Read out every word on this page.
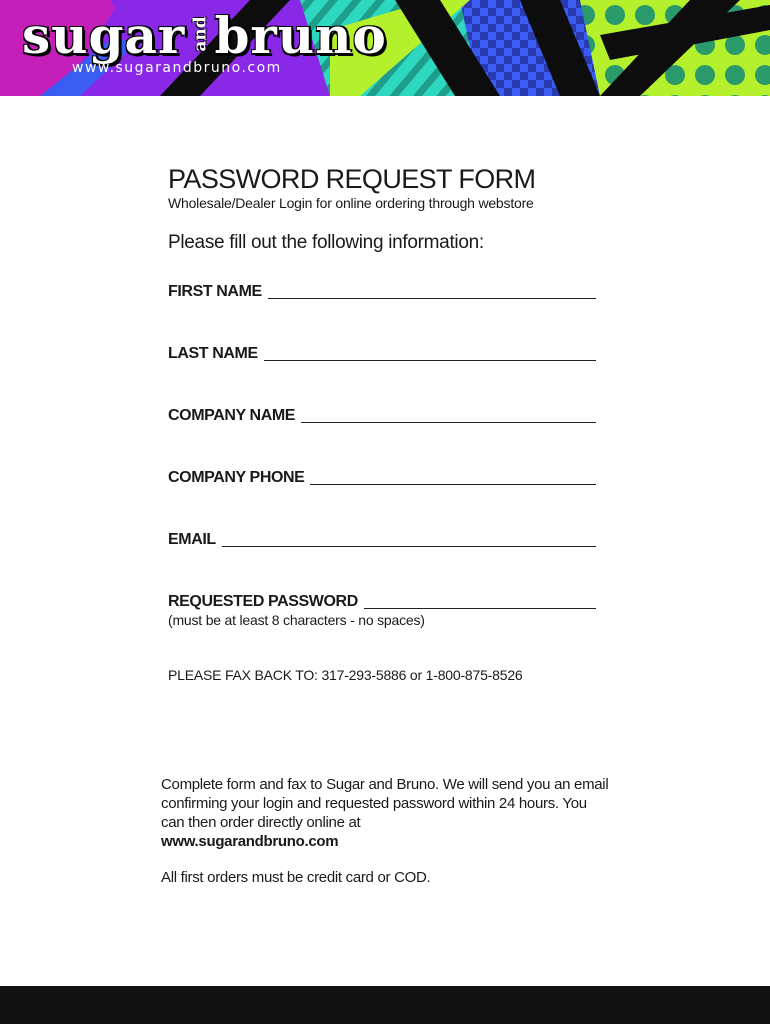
sugar andbruno
www.sugarandbruno.com
PASSWORD REQUEST FORM
Wholesale/Dealer Login for online ordering through webstore
Please fill out the following information:
FIRST NAME
LAST NAME
COMPANY NAME
COMPANY PHONE
EMAIL
REQUESTED PASSWORD
(must be at least 8 characters - no spaces)
PLEASE FAX BACK TO: 317-293-5886 or 1-800-875-8526
Complete form and fax to Sugar and Bruno. We will send you an email confirming your login and requested password within 24 hours. You can then order directly online at
www.sugarandbruno.com
All first orders must be credit card or COD.
